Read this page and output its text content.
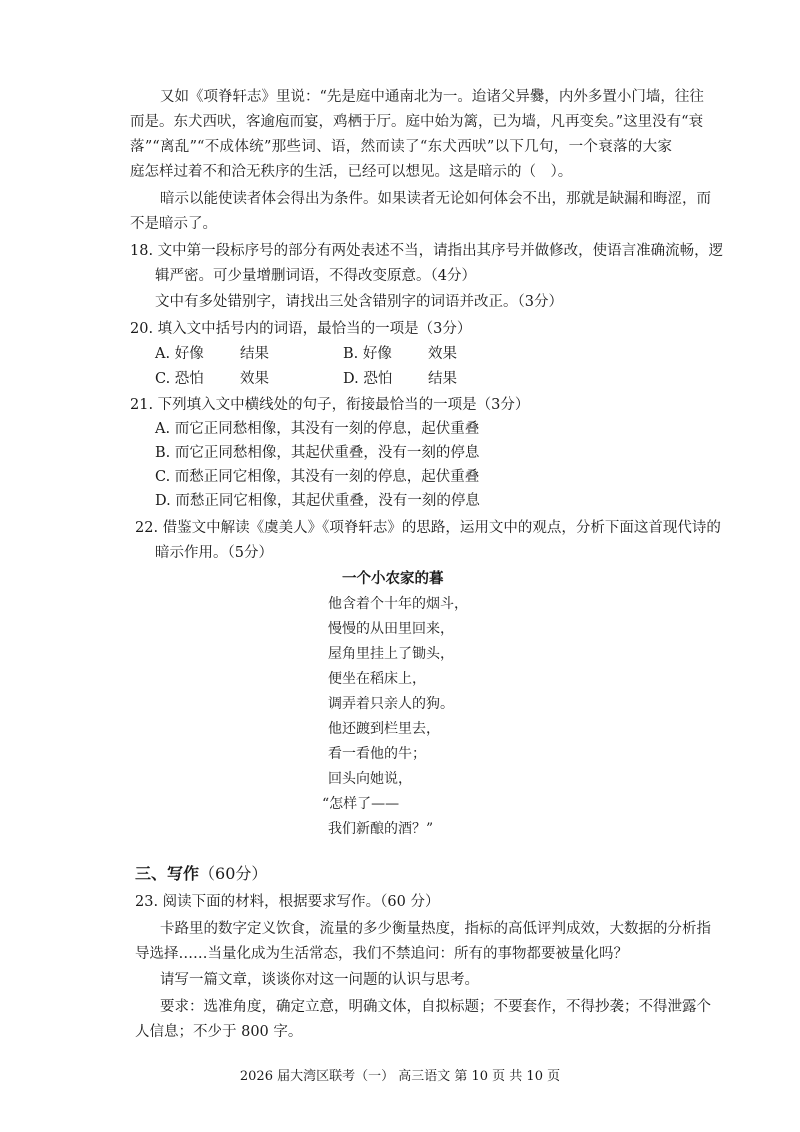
又如《项脊轩志》里说：“先是庭中通南北为一。迨诸父异爨，内外多置小门墙，往往
而是。东犬西吠，客逾庖而宴，鸡栖于厅。庭中始为篱，已为墙，凡再变矣。”这里没有“衰
落”“离乱”“不成体统”那些词、语，然而读了“东犬西吠”以下几句，一个衰落的大家
庭怎样过着不和洽无秩序的生活，已经可以想见。这是暗示的（　）。
暗示以能使读者体会得出为条件。如果读者无论如何体会不出，那就是缺漏和晦涩，而
不是暗示了。
18. 文中第一段标序号的部分有两处表述不当，请指出其序号并做修改，使语言准确流畅，逻
辑严密。可少量增删词语，不得改变原意。（4分）
文中有多处错别字，请找出三处含错别字的词语并改正。（3分）
20. 填入文中括号内的词语，最恰当的一项是（3分）
A. 好像	结果	B. 好像 效果
C. 恐怕 效果	D. 恐怕 结果
21. 下列填入文中横线处的句子，衔接最恰当的一项是（3分）
A. 而它正同愁相像，其没有一刻的停息，起伏重叠
B. 而它正同愁相像，其起伏重叠，没有一刻的停息
C. 而愁正同它相像，其没有一刻的停息，起伏重叠
D. 而愁正同它相像，其起伏重叠，没有一刻的停息
22. 借鉴文中解读《虞美人》《项脊轩志》的思路，运用文中的观点，分析下面这首现代诗的
暗示作用。（5分）
一个小农家的暮
他含着个十年的烟斗，
慢慢的从田里回来，
屋角里挂上了锄头，
便坐在稻床上，
调弄着只亲人的狗。
他还踱到栏里去，
看一看他的牛；
回头向她说，
“怎样了——
我们新酿的酒？”
三、写作（60分）
23. 阅读下面的材料，根据要求写作。（60 分）
卡路里的数字定义饮食，流量的多少衡量热度，指标的高低评判成效，大数据的分析指
导选择……当量化成为生活常态，我们不禁追问：所有的事物都要被量化吗？
请写一篇文章，谈谈你对这一问题的认识与思考。
要求：选准角度，确定立意，明确文体，自拟标题；不要套作，不得抄袭；不得泄露个
人信息；不少于 800 字。
2026 届大湾区联考（一） 高三语文 第 10 页 共 10 页
